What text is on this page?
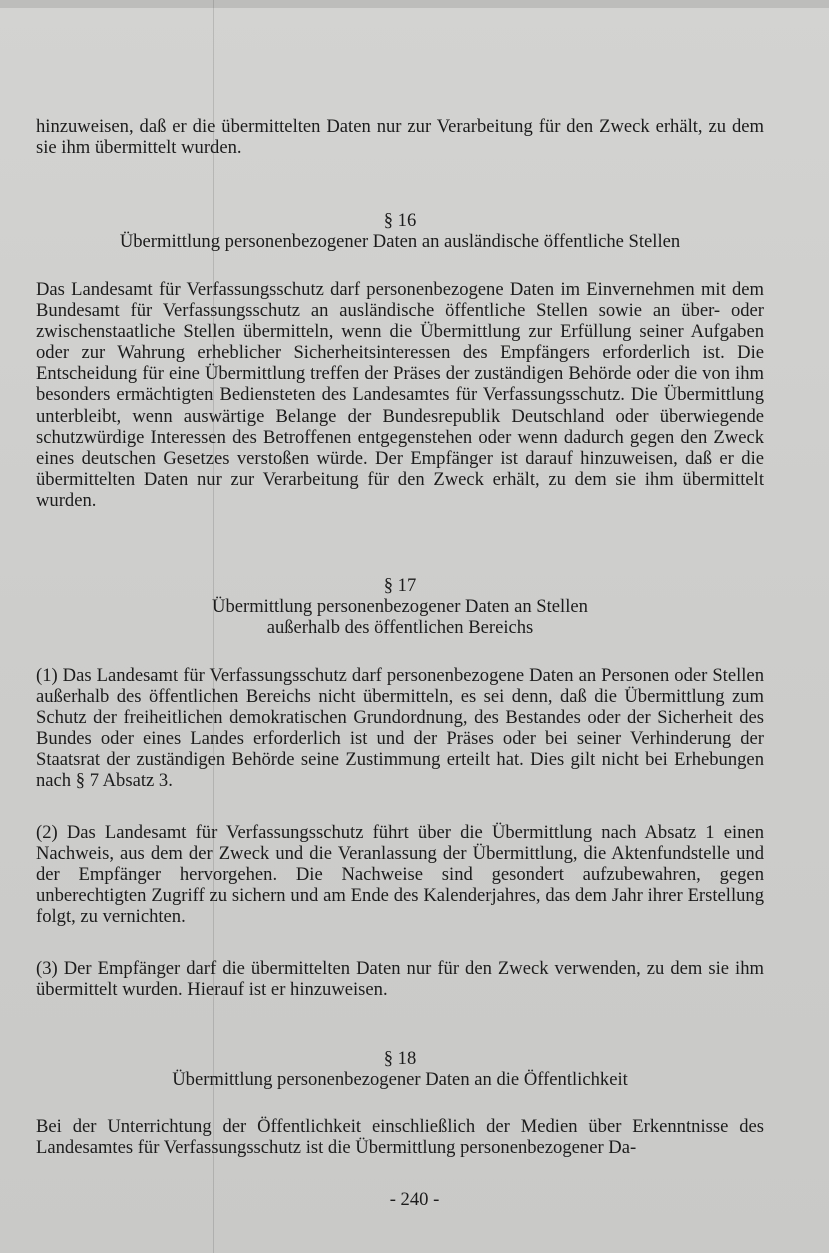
hinzuweisen, daß er die übermittelten Daten nur zur Verarbeitung für den Zweck erhält, zu dem sie ihm übermittelt wurden.

§ 16
Übermittlung personenbezogener Daten an ausländische öffentliche Stellen

Das Landesamt für Verfassungsschutz darf personenbezogene Daten im Einvernehmen mit dem Bundesamt für Verfassungsschutz an ausländische öffentliche Stellen sowie an über- oder zwischenstaatliche Stellen übermitteln, wenn die Übermittlung zur Erfüllung seiner Aufgaben oder zur Wahrung erheblicher Sicherheitsinteressen des Empfängers erforderlich ist. Die Entscheidung für eine Übermittlung treffen der Präses der zuständigen Behörde oder die von ihm besonders ermächtigten Bediensteten des Landesamtes für Verfassungsschutz. Die Übermittlung unterbleibt, wenn auswärtige Belange der Bundesrepublik Deutschland oder überwiegende schutzwürdige Interessen des Betroffenen entgegenstehen oder wenn dadurch gegen den Zweck eines deutschen Gesetzes verstoßen würde. Der Empfänger ist darauf hinzuweisen, daß er die übermittelten Daten nur zur Verarbeitung für den Zweck erhält, zu dem sie ihm übermittelt wurden.

§ 17
Übermittlung personenbezogener Daten an Stellen
außerhalb des öffentlichen Bereichs

(1) Das Landesamt für Verfassungsschutz darf personenbezogene Daten an Personen oder Stellen außerhalb des öffentlichen Bereichs nicht übermitteln, es sei denn, daß die Übermittlung zum Schutz der freiheitlichen demokratischen Grundordnung, des Bestandes oder der Sicherheit des Bundes oder eines Landes erforderlich ist und der Präses oder bei seiner Verhinderung der Staatsrat der zuständigen Behörde seine Zustimmung erteilt hat. Dies gilt nicht bei Erhebungen nach § 7 Absatz 3.

(2) Das Landesamt für Verfassungsschutz führt über die Übermittlung nach Absatz 1 einen Nachweis, aus dem der Zweck und die Veranlassung der Übermittlung, die Aktenfundstelle und der Empfänger hervorgehen. Die Nachweise sind gesondert aufzubewahren, gegen unberechtigten Zugriff zu sichern und am Ende des Kalenderjahres, das dem Jahr ihrer Erstellung folgt, zu vernichten.

(3) Der Empfänger darf die übermittelten Daten nur für den Zweck verwenden, zu dem sie ihm übermittelt wurden. Hierauf ist er hinzuweisen.

§ 18
Übermittlung personenbezogener Daten an die Öffentlichkeit

Bei der Unterrichtung der Öffentlichkeit einschließlich der Medien über Erkenntnisse des Landesamtes für Verfassungsschutz ist die Übermittlung personenbezogener Da-

- 240 -
